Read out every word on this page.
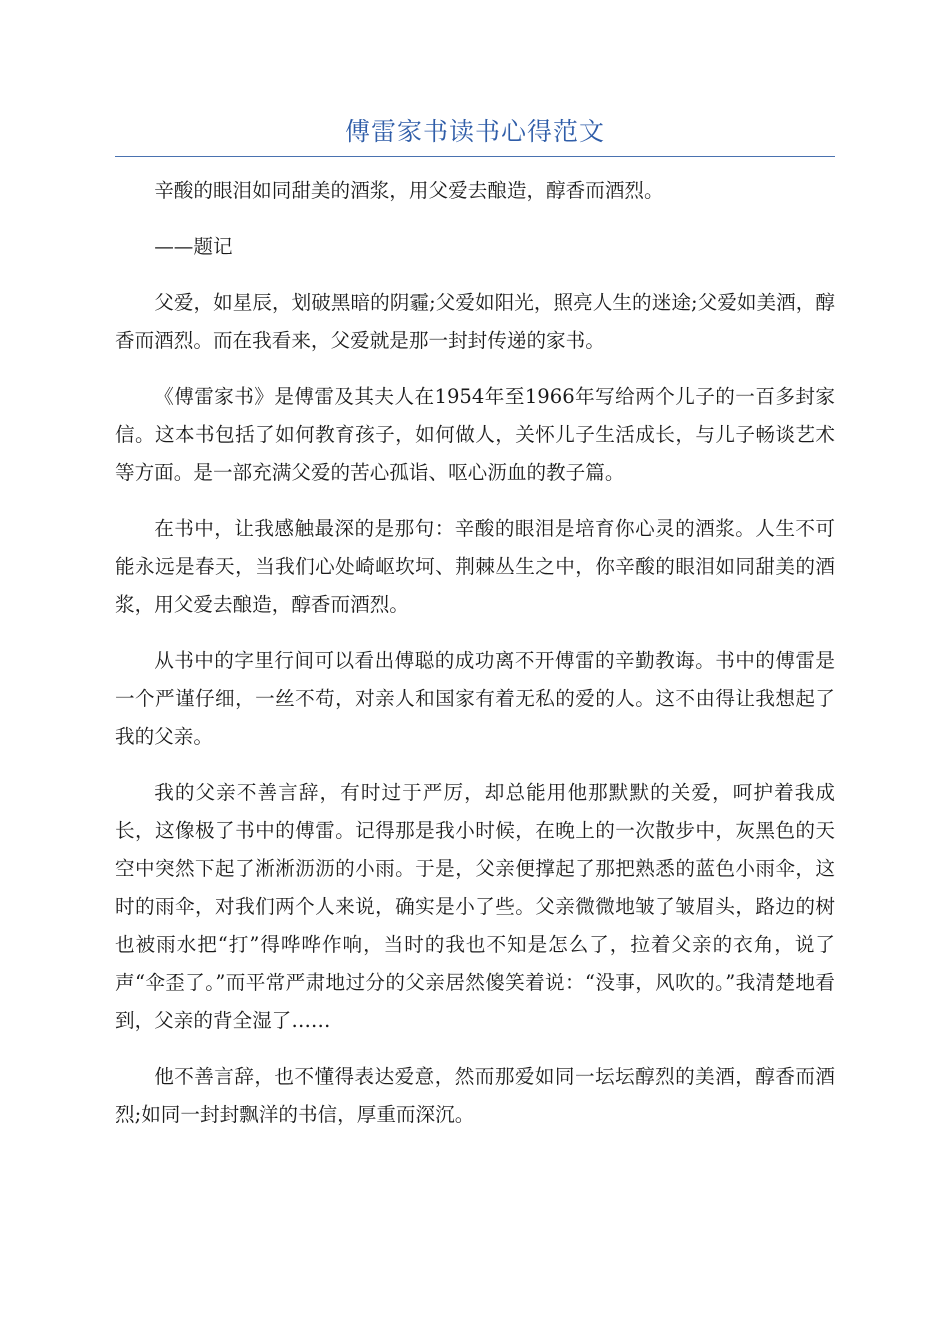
傅雷家书读书心得范文

辛酸的眼泪如同甜美的酒浆，用父爱去酿造，醇香而酒烈。

——题记

父爱，如星辰，划破黑暗的阴霾;父爱如阳光，照亮人生的迷途;父爱如美酒，醇香而酒烈。而在我看来，父爱就是那一封封传递的家书。

《傅雷家书》是傅雷及其夫人在1954年至1966年写给两个儿子的一百多封家信。这本书包括了如何教育孩子，如何做人，关怀儿子生活成长，与儿子畅谈艺术等方面。是一部充满父爱的苦心孤诣、呕心沥血的教子篇。

在书中，让我感触最深的是那句：辛酸的眼泪是培育你心灵的酒浆。人生不可能永远是春天，当我们心处崎岖坎坷、荆棘丛生之中，你辛酸的眼泪如同甜美的酒浆，用父爱去酿造，醇香而酒烈。

从书中的字里行间可以看出傅聪的成功离不开傅雷的辛勤教诲。书中的傅雷是一个严谨仔细，一丝不苟，对亲人和国家有着无私的爱的人。这不由得让我想起了我的父亲。

我的父亲不善言辞，有时过于严厉，却总能用他那默默的关爱，呵护着我成长，这像极了书中的傅雷。记得那是我小时候，在晚上的一次散步中，灰黑色的天空中突然下起了淅淅沥沥的小雨。于是，父亲便撑起了那把熟悉的蓝色小雨伞，这时的雨伞，对我们两个人来说，确实是小了些。父亲微微地皱了皱眉头，路边的树也被雨水把“打”得哗哗作响，当时的我也不知是怎么了，拉着父亲的衣角，说了声“伞歪了。”而平常严肃地过分的父亲居然傻笑着说：“没事，风吹的。”我清楚地看到，父亲的背全湿了……

他不善言辞，也不懂得表达爱意，然而那爱如同一坛坛醇烈的美酒，醇香而酒烈;如同一封封飘洋的书信，厚重而深沉。
